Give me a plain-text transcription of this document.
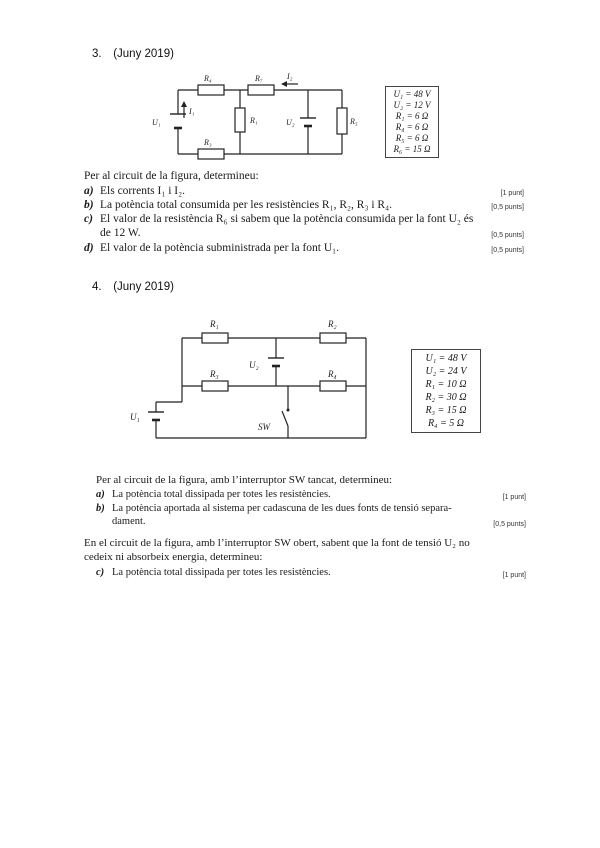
3. (Juny 2019)
R₄	R₇
R₁
R₃
R₅
I₁
I₂
U₁	U₂
U₁ = 48 V
U₂ = 12 V
R₁ = 6 Ω
R₄ = 6 Ω
R₅ = 6 Ω
R₆ = 15 Ω
Per al circuit de la figura, determineu:
a) Els corrents I₁ i I₂.	[1 punt]
b) La potència total consumida per les resistències R₁, R₂, R₃ i R₄.	[0,5 punts]
c) El valor de la resistència R₆ si sabem que la potència consumida per la font U₂ és
de 12 W.	[0,5 punts]
d) El valor de la potència subministrada per la font U₁.	[0,5 punts]
4. (Juny 2019)
R₁	R₂
R₃	R₄
U₁
U₂
SW
U₁ = 48 V
U₂ = 24 V
R₁ = 10 Ω
R₂ = 30 Ω
R₃ = 15 Ω
R₄ = 5 Ω
Per al circuit de la figura, amb l’interruptor SW tancat, determineu:
a) La potència total dissipada per totes les resistències.	[1 punt]
b) La potència aportada al sistema per cadascuna de les dues fonts de tensió separa-
dament.	[0,5 punts]
En el circuit de la figura, amb l’interruptor SW obert, sabent que la font de tensió U₂ no
cedeix ni absorbeix energia, determineu:
c) La potència total dissipada per totes les resistències.	[1 punt]
